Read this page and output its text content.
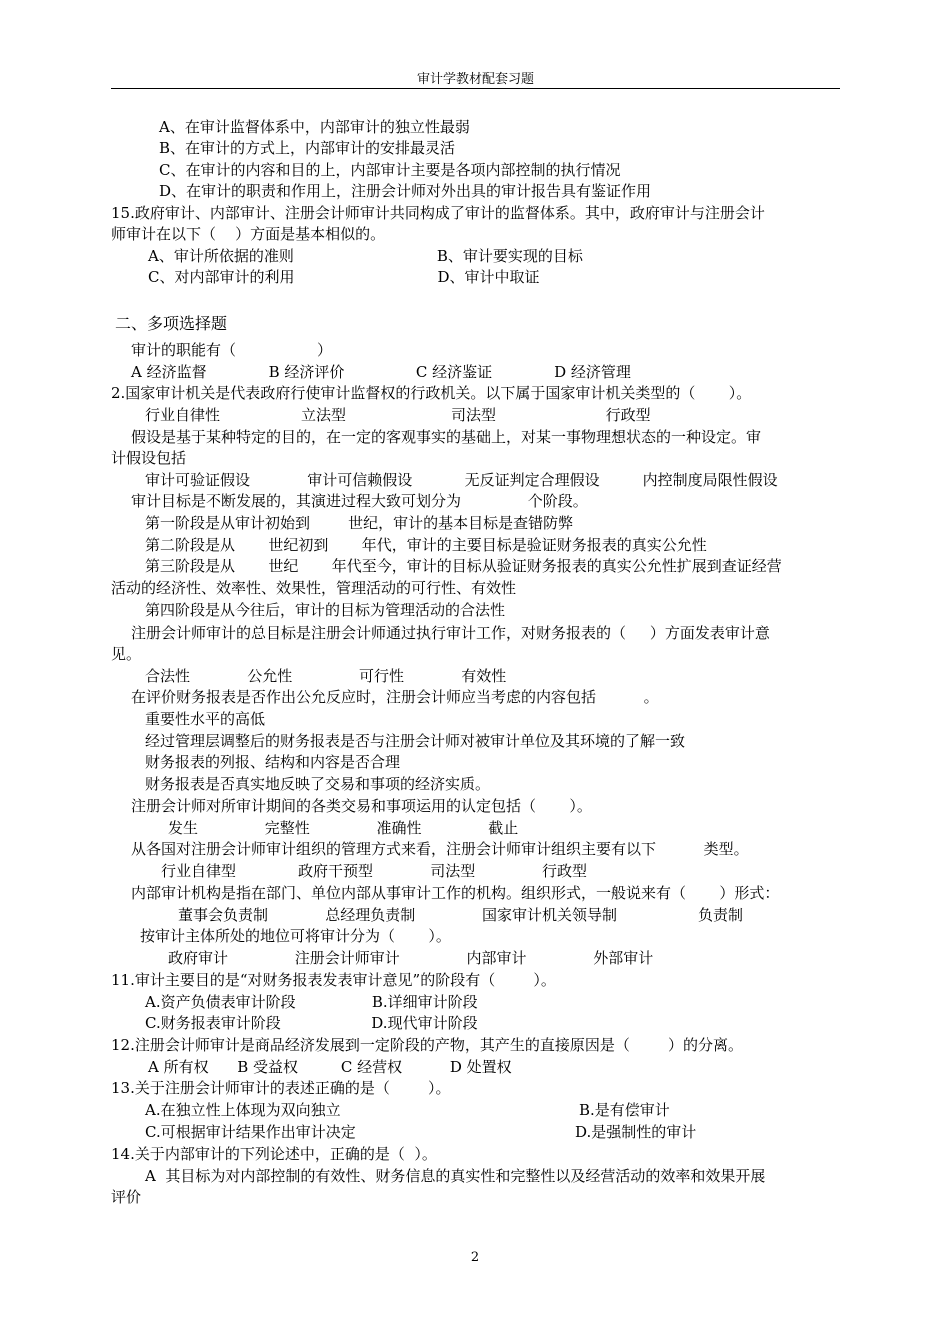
审计学教材配套习题
A、在审计监督体系中，内部审计的独立性最弱
B、在审计的方式上，内部审计的安排最灵活
C、在审计的内容和目的上，内部审计主要是各项内部控制的执行情况
D、在审计的职责和作用上，注册会计师对外出具的审计报告具有鉴证作用
15.政府审计、内部审计、注册会计师审计共同构成了审计的监督体系。其中，政府审计与注册会计
师审计在以下（    ）方面是基本相似的。
A、审计所依据的准则                              B、审计要实现的目标
C、对内部审计的利用                              D、审计中取证
二、多项选择题
审计的职能有（                 ）
A 经济监督             B 经济评价               C 经济鉴证             D 经济管理
2.国家审计机关是代表政府行使审计监督权的行政机关。以下属于国家审计机关类型的（       ）。
行业自律性                 立法型                      司法型                       行政型
假设是基于某种特定的目的，在一定的客观事实的基础上，对某一事物理想状态的一种设定。审
计假设包括
审计可验证假设            审计可信赖假设           无反证判定合理假设         内控制度局限性假设
审计目标是不断发展的，其演进过程大致可划分为              个阶段。
第一阶段是从审计初始到        世纪，审计的基本目标是查错防弊
第二阶段是从       世纪初到       年代，审计的主要目标是验证财务报表的真实公允性
第三阶段是从       世纪       年代至今，审计的目标从验证财务报表的真实公允性扩展到查证经营
活动的经济性、效率性、效果性，管理活动的可行性、有效性
第四阶段是从今往后，审计的目标为管理活动的合法性
注册会计师审计的总目标是注册会计师通过执行审计工作，对财务报表的（     ）方面发表审计意
见。
合法性            公允性              可行性            有效性
在评价财务报表是否作出公允反应时，注册会计师应当考虑的内容包括          。
重要性水平的高低
经过管理层调整后的财务报表是否与注册会计师对被审计单位及其环境的了解一致
财务报表的列报、结构和内容是否合理
财务报表是否真实地反映了交易和事项的经济实质。
注册会计师对所审计期间的各类交易和事项运用的认定包括（       ）。
发生              完整性              准确性              截止
从各国对注册会计师审计组织的管理方式来看，注册会计师审计组织主要有以下          类型。
行业自律型             政府干预型            司法型              行政型
内部审计机构是指在部门、单位内部从事审计工作的机构。组织形式，一般说来有（       ）形式：
董事会负责制            总经理负责制              国家审计机关领导制                 负责制
按审计主体所处的地位可将审计分为（       ）。
政府审计              注册会计师审计              内部审计              外部审计
11.审计主要目的是“对财务报表发表审计意见”的阶段有（        ）。
A.资产负债表审计阶段                B.详细审计阶段
C.财务报表审计阶段                   D.现代审计阶段
12.注册会计师审计是商品经济发展到一定阶段的产物，其产生的直接原因是（        ）的分离。
A 所有权      B 受益权         C 经营权          D 处置权
13.关于注册会计师审计的表述正确的是（        ）。
A.在独立性上体现为双向独立                                                  B.是有偿审计
C.可根据审计结果作出审计决定                                              D.是强制性的审计
14.关于内部审计的下列论述中，正确的是（  ）。
A  其目标为对内部控制的有效性、财务信息的真实性和完整性以及经营活动的效率和效果开展
评价
2
